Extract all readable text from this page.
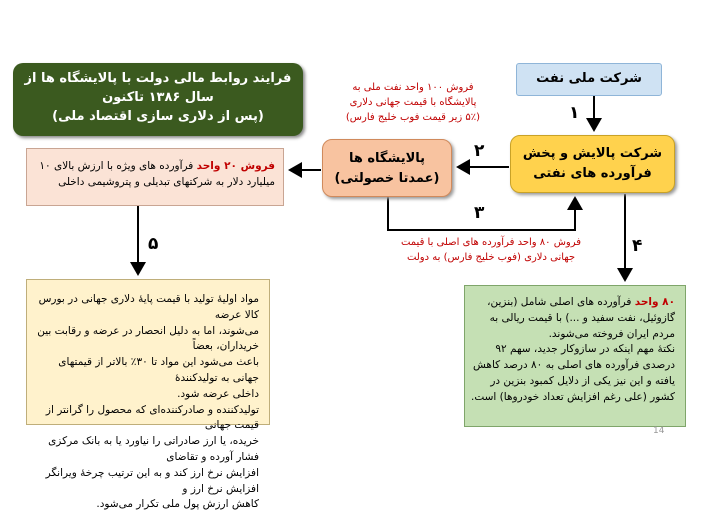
فرایند روابط مالی دولت با پالایشگاه ها از
سال ۱۳۸۶ تاکنون
(پس از دلاری سازی اقتصاد ملی)
شرکت ملی نفت
شرکت پالایش و پخش
فرآورده های نفتی
پالایشگاه ها
(عمدتا خصولتی)
فروش ۱۰۰ واحد نفت ملی به
پالایشگاه با قیمت جهانی دلاری
(۵٪ زیر قیمت فوب خلیج فارس)
فروش ۸۰ واحد فرآورده های اصلی با قیمت
جهانی دلاری (فوب خلیج فارس) به دولت
فروش ۲۰ واحد فرآورده های ویژه با ارزش بالای ۱۰
میلیارد دلار به شرکتهای تبدیلی و پتروشیمی داخلی
مواد اولیهٔ تولید با قیمت پایهٔ دلاری جهانی در بورس کالا عرضه
می‌شوند، اما به دلیل انحصار در عرضه و رقابت بین خریداران، بعضاً
باعث می‌شود این مواد تا ۳۰٪ بالاتر از قیمتهای جهانی به تولیدکنندهٔ
داخلی عرضه شود.
تولیدکننده و صادرکننده‌ای که محصول را گرانتر از قیمت جهانی
خریده، یا ارز صادراتی را نیاورد یا به بانک مرکزی فشار آورده و تقاضای
افزایش نرخ ارز کند و به این ترتیب چرخهٔ ویرانگر افزایش نرخ ارز و
کاهش ارزش پول ملی تکرار می‌شود.
۸۰ واحد فرآورده های اصلی شامل (بنزین،
گازوئیل، نفت سفید و ...) با قیمت ریالی به
مردم ایران فروخته می‌شوند.
نکتهٔ مهم اینکه در سازوکار جدید، سهم ۹۲
درصدی فرآورده های اصلی به ۸۰ درصد کاهش
یافته و این نیز یکی از دلایل کمبود بنزین در
کشور (علی رغم افزایش تعداد خودروها) است.
۱
۲
۳
۴
۵
14
